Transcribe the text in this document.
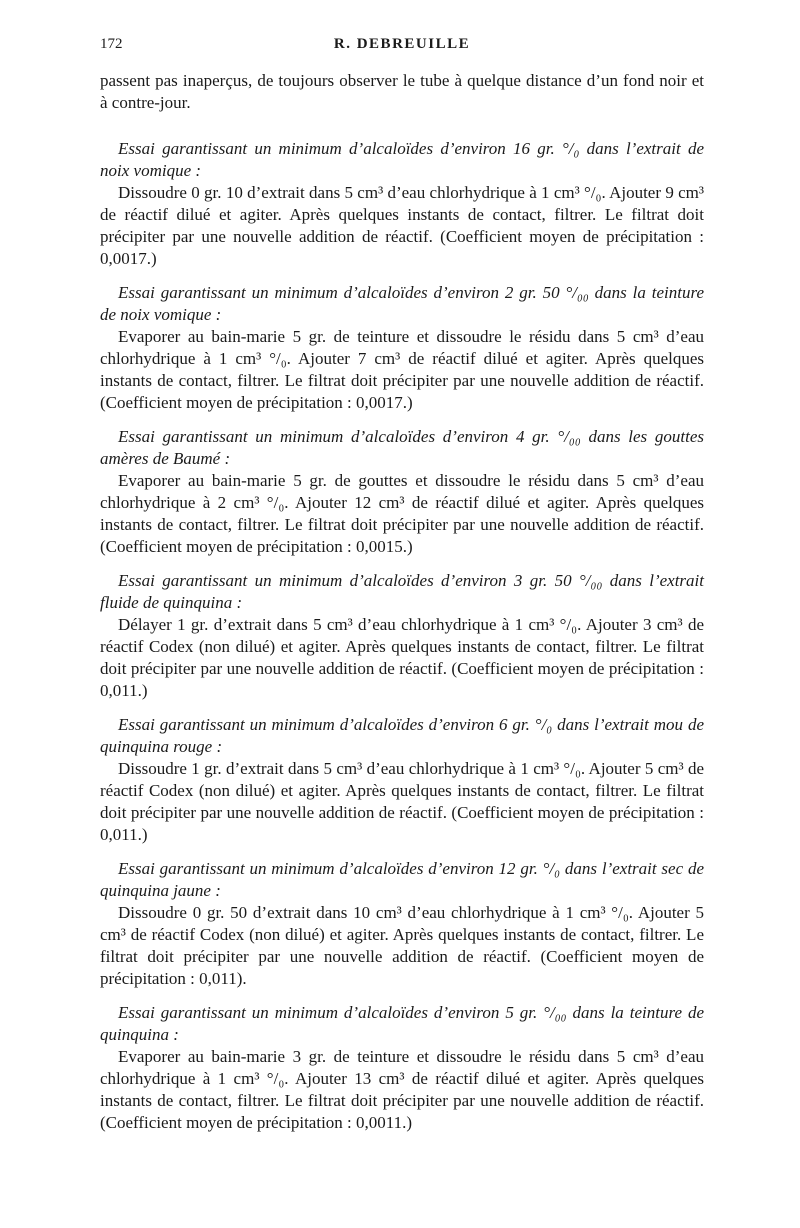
172	R. DEBREUILLE

passent pas inaperçus, de toujours observer le tube à quelque distance d’un fond noir et à contre-jour.

Essai garantissant un minimum d’alcaloïdes d’environ 16 gr. °/₀ dans l’extrait de noix vomique :

Dissoudre 0 gr. 10 d’extrait dans 5 cm³ d’eau chlorhydrique à 1 cm³ °/₀. Ajouter 9 cm³ de réactif dilué et agiter. Après quelques instants de contact, filtrer. Le filtrat doit précipiter par une nouvelle addition de réactif. (Coefficient moyen de précipitation : 0,0017.)

Essai garantissant un minimum d’alcaloïdes d’environ 2 gr. 50 °/₀₀ dans la teinture de noix vomique :

Evaporer au bain-marie 5 gr. de teinture et dissoudre le résidu dans 5 cm³ d’eau chlorhydrique à 1 cm³ °/₀. Ajouter 7 cm³ de réactif dilué et agiter. Après quelques instants de contact, filtrer. Le filtrat doit précipiter par une nouvelle addition de réactif. (Coefficient moyen de précipitation : 0,0017.)

Essai garantissant un minimum d’alcaloïdes d’environ 4 gr. °/₀₀ dans les gouttes amères de Baumé :

Evaporer au bain-marie 5 gr. de gouttes et dissoudre le résidu dans 5 cm³ d’eau chlorhydrique à 2 cm³ °/₀. Ajouter 12 cm³ de réactif dilué et agiter. Après quelques instants de contact, filtrer. Le filtrat doit précipiter par une nouvelle addition de réactif. (Coefficient moyen de précipitation : 0,0015.)

Essai garantissant un minimum d’alcaloïdes d’environ 3 gr. 50 °/₀₀ dans l’extrait fluide de quinquina :

Délayer 1 gr. d’extrait dans 5 cm³ d’eau chlorhydrique à 1 cm³ °/₀. Ajouter 3 cm³ de réactif Codex (non dilué) et agiter. Après quelques instants de contact, filtrer. Le filtrat doit précipiter par une nouvelle addition de réactif. (Coefficient moyen de précipitation : 0,011.)

Essai garantissant un minimum d’alcaloïdes d’environ 6 gr. °/₀ dans l’extrait mou de quinquina rouge :

Dissoudre 1 gr. d’extrait dans 5 cm³ d’eau chlorhydrique à 1 cm³ °/₀. Ajouter 5 cm³ de réactif Codex (non dilué) et agiter. Après quelques instants de contact, filtrer. Le filtrat doit précipiter par une nouvelle addition de réactif. (Coefficient moyen de précipitation : 0,011.)

Essai garantissant un minimum d’alcaloïdes d’environ 12 gr. °/₀ dans l’extrait sec de quinquina jaune :

Dissoudre 0 gr. 50 d’extrait dans 10 cm³ d’eau chlorhydrique à 1 cm³ °/₀. Ajouter 5 cm³ de réactif Codex (non dilué) et agiter. Après quelques instants de contact, filtrer. Le filtrat doit précipiter par une nouvelle addition de réactif. (Coefficient moyen de précipitation : 0,011).

Essai garantissant un minimum d’alcaloïdes d’environ 5 gr. °/₀₀ dans la teinture de quinquina :

Evaporer au bain-marie 3 gr. de teinture et dissoudre le résidu dans 5 cm³ d’eau chlorhydrique à 1 cm³ °/₀. Ajouter 13 cm³ de réactif dilué et agiter. Après quelques instants de contact, filtrer. Le filtrat doit précipiter par une nouvelle addition de réactif. (Coefficient moyen de précipitation : 0,0011.)
